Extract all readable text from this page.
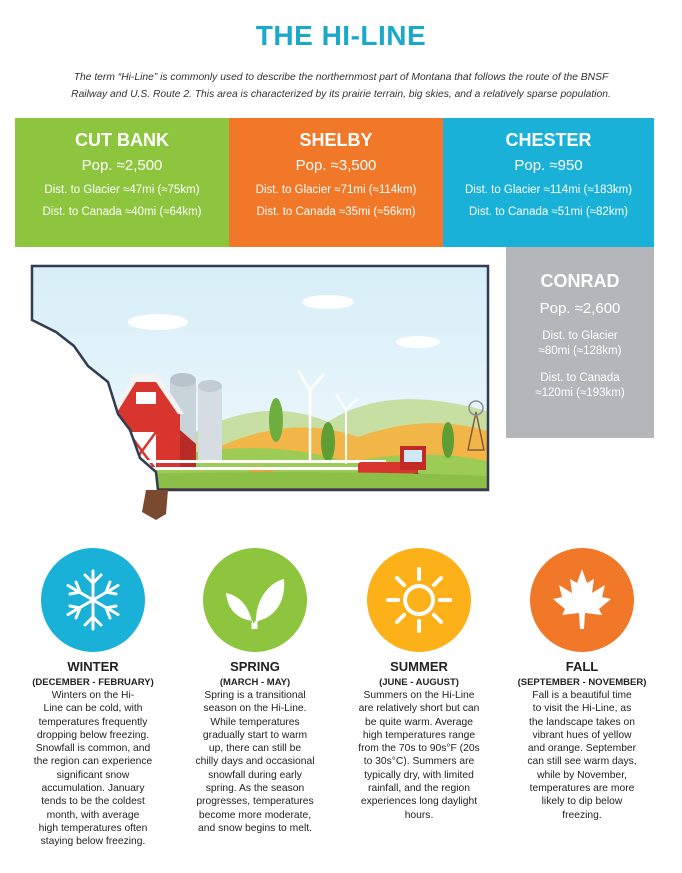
THE HI-LINE
The term “Hi-Line” is commonly used to describe the northernmost part of Montana that follows the route of the BNSF
Railway and U.S. Route 2. This area is characterized by its prairie terrain, big skies, and a relatively sparse population.
CUT BANK
Pop. ≈2,500
Dist. to Glacier ≈47mi (≈75km)
Dist. to Canada ≈40mi (≈64km)
SHELBY
Pop. ≈3,500
Dist. to Glacier ≈71mi (≈114km)
Dist. to Canada ≈35mi (≈56km)
CHESTER
Pop. ≈950
Dist. to Glacier ≈114mi (≈183km)
Dist. to Canada ≈51mi (≈82km)
CONRAD
Pop. ≈2,600
Dist. to Glacier
≈80mi (≈128km)
Dist. to Canada
≈120mi (≈193km)
WINTER
(DECEMBER - FEBRUARY)
Winters on the Hi-
Line can be cold, with
temperatures frequently
dropping below freezing.
Snowfall is common, and
the region can experience
significant snow
accumulation. January
tends to be the coldest
month, with average
high temperatures often
staying below freezing.
SPRING
(MARCH - MAY)
Spring is a transitional
season on the Hi-Line.
While temperatures
gradually start to warm
up, there can still be
chilly days and occasional
snowfall during early
spring. As the season
progresses, temperatures
become more moderate,
and snow begins to melt.
SUMMER
(JUNE - AUGUST)
Summers on the Hi-Line
are relatively short but can
be quite warm. Average
high temperatures range
from the 70s to 90s°F (20s
to 30s°C). Summers are
typically dry, with limited
rainfall, and the region
experiences long daylight
hours.
FALL
(SEPTEMBER - NOVEMBER)
Fall is a beautiful time
to visit the Hi-Line, as
the landscape takes on
vibrant hues of yellow
and orange. September
can still see warm days,
while by November,
temperatures are more
likely to dip below
freezing.
